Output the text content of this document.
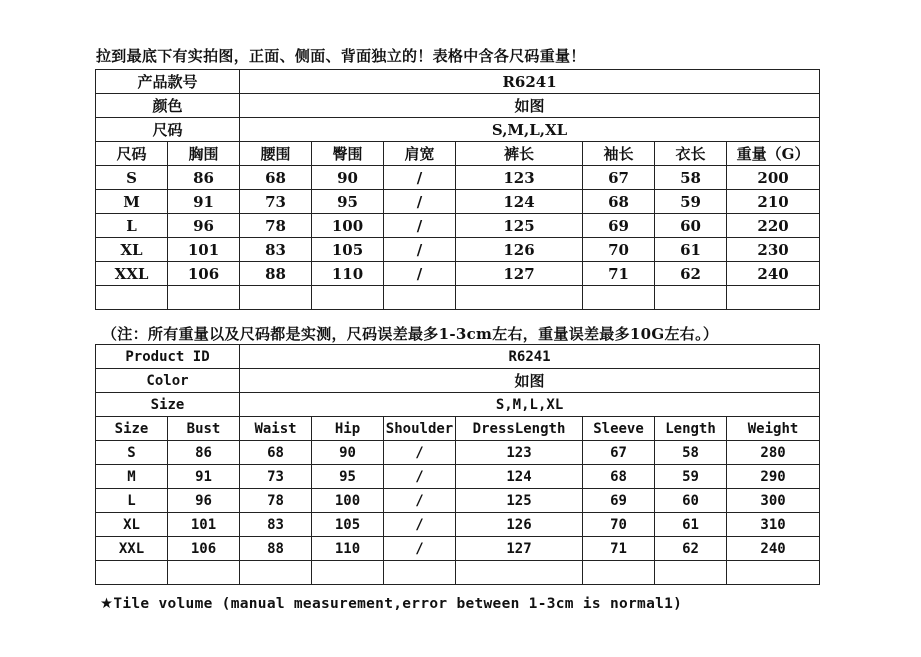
拉到最底下有实拍图，正面、侧面、背面独立的！表格中含各尺码重量！
产品款号		R6241						
颜色		如图						
尺码		S,M,L,XL						
尺码	胸围	腰围	臀围	肩宽	裤长	袖长	衣长	重量（G）
S	86	68	90	/	123	67	58	200
M	91	73	95	/	124	68	59	210
L	96	78	100	/	125	69	60	220
XL	101	83	105	/	126	70	61	230
XXL	106	88	110	/	127	71	62	240

（注：所有重量以及尺码都是实测，尺码误差最多1-3cm左右，重量误差最多10G左右。）
Product ID		R6241						
Color		如图						
Size		S,M,L,XL						
Size	Bust	Waist	Hip	Shoulder	DressLength	Sleeve	Length	Weight
S	86	68	90	/	123	67	58	280
M	91	73	95	/	124	68	59	290
L	96	78	100	/	125	69	60	300
XL	101	83	105	/	126	70	61	310
XXL	106	88	110	/	127	71	62	240

★Tile volume (manual measurement,error between 1-3cm is normal1)
